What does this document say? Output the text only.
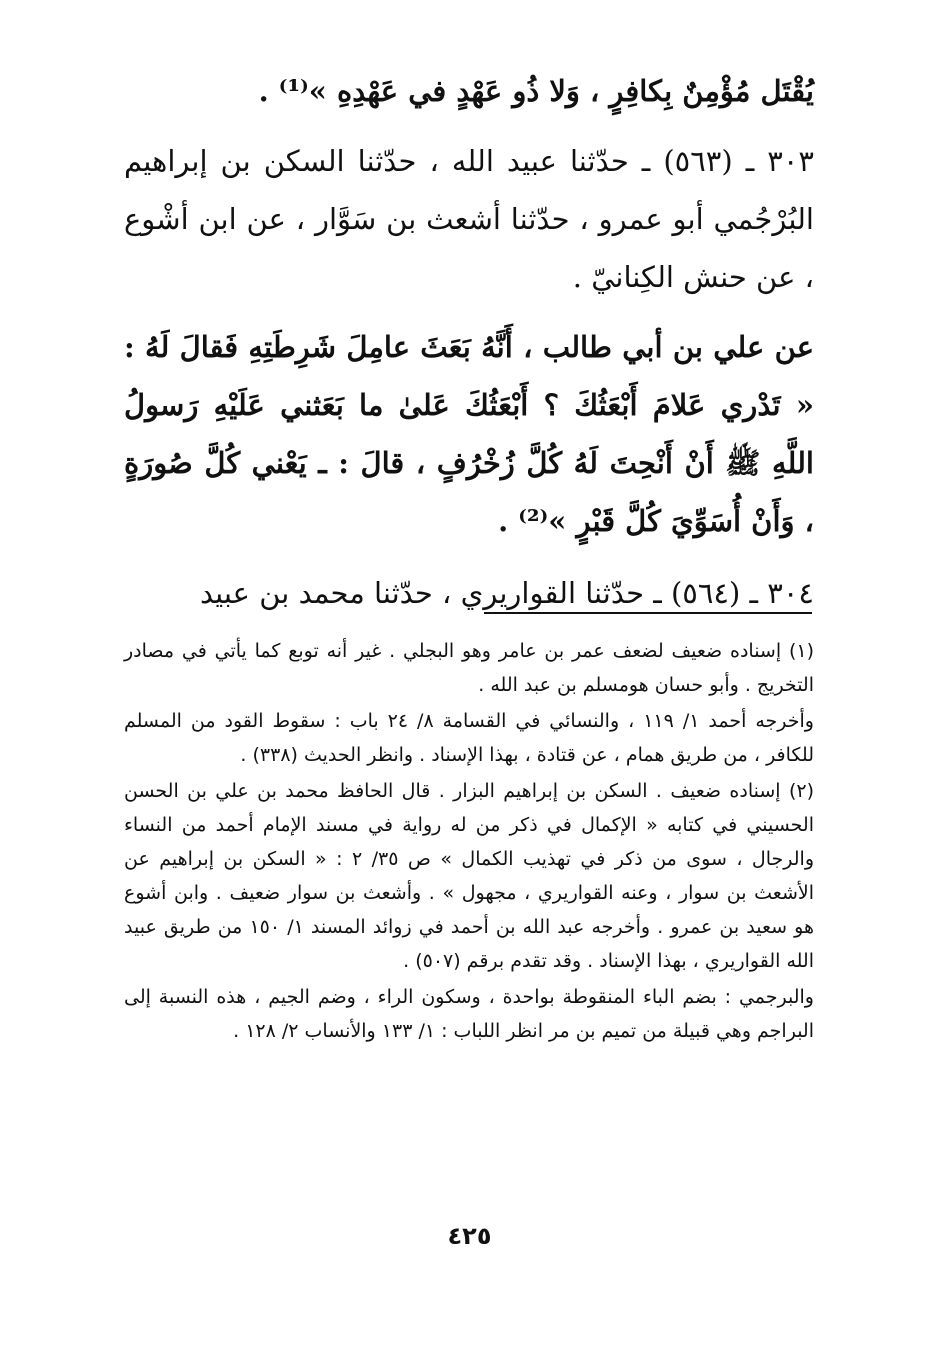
يُقْتَل مُؤْمِنٌ بِكافِرٍ ، وَلا ذُو عَهْدٍ في عَهْدِهِ »⁽¹⁾ .

٣٠٣ ـ (٥٦٣) ـ حدّثنا عبيد الله ، حدّثنا السكن بن إبراهيم البُرْجُمي أبو عمرو ، حدّثنا أشعث بن سَوَّار ، عن ابن أشْوع ، عن حنش الكِنانيّ .

عن علي بن أبي طالب ، أَنَّهُ بَعَثَ عامِلَ شَرِطَتِهِ فَقالَ لَهُ : « تَدْري عَلامَ أَبْعَثُكَ ؟ أَبْعَثُكَ عَلىٰ ما بَعَثني عَلَيْهِ رَسولُ اللَّهِ ﷺ أَنْ أَنْحِتَ لَهُ كُلَّ زُخْرُفٍ ، قالَ : ـ يَعْني كُلَّ صُورَةٍ ، وَأَنْ أُسَوِّيَ كُلَّ قَبْرٍ »⁽²⁾ .

٣٠٤ ـ (٥٦٤) ـ حدّثنا القواريري ، حدّثنا محمد بن عبيد

(١) إسناده ضعيف لضعف عمر بن عامر وهو البجلي . غير أنه توبع كما يأتي في مصادر التخريج . وأبو حسان هومسلم بن عبد الله .

وأخرجه أحمد ١/ ١١٩ ، والنسائي في القسامة ٨/ ٢٤ باب : سقوط القود من المسلم للكافر ، من طريق همام ، عن قتادة ، بهذا الإسناد . وانظر الحديث (٣٣٨) .

(٢) إسناده ضعيف . السكن بن إبراهيم البزار . قال الحافظ محمد بن علي بن الحسن الحسيني في كتابه « الإكمال في ذكر من له رواية في مسند الإمام أحمد من النساء والرجال ، سوى من ذكر في تهذيب الكمال » ص ٣٥/ ٢ : « السكن بن إبراهيم عن الأشعث بن سوار ، وعنه القواريري ، مجهول » . وأشعث بن سوار ضعيف . وابن أشوع هو سعيد بن عمرو . وأخرجه عبد الله بن أحمد في زوائد المسند ١/ ١٥٠ من طريق عبيد الله القواريري ، بهذا الإسناد . وقد تقدم برقم (٥٠٧) .

والبرجمي : بضم الباء المنقوطة بواحدة ، وسكون الراء ، وضم الجيم ، هذه النسبة إلى البراجم وهي قبيلة من تميم بن مر انظر اللباب : ١/ ١٣٣ والأنساب ٢/ ١٢٨ .

٤٢٥
